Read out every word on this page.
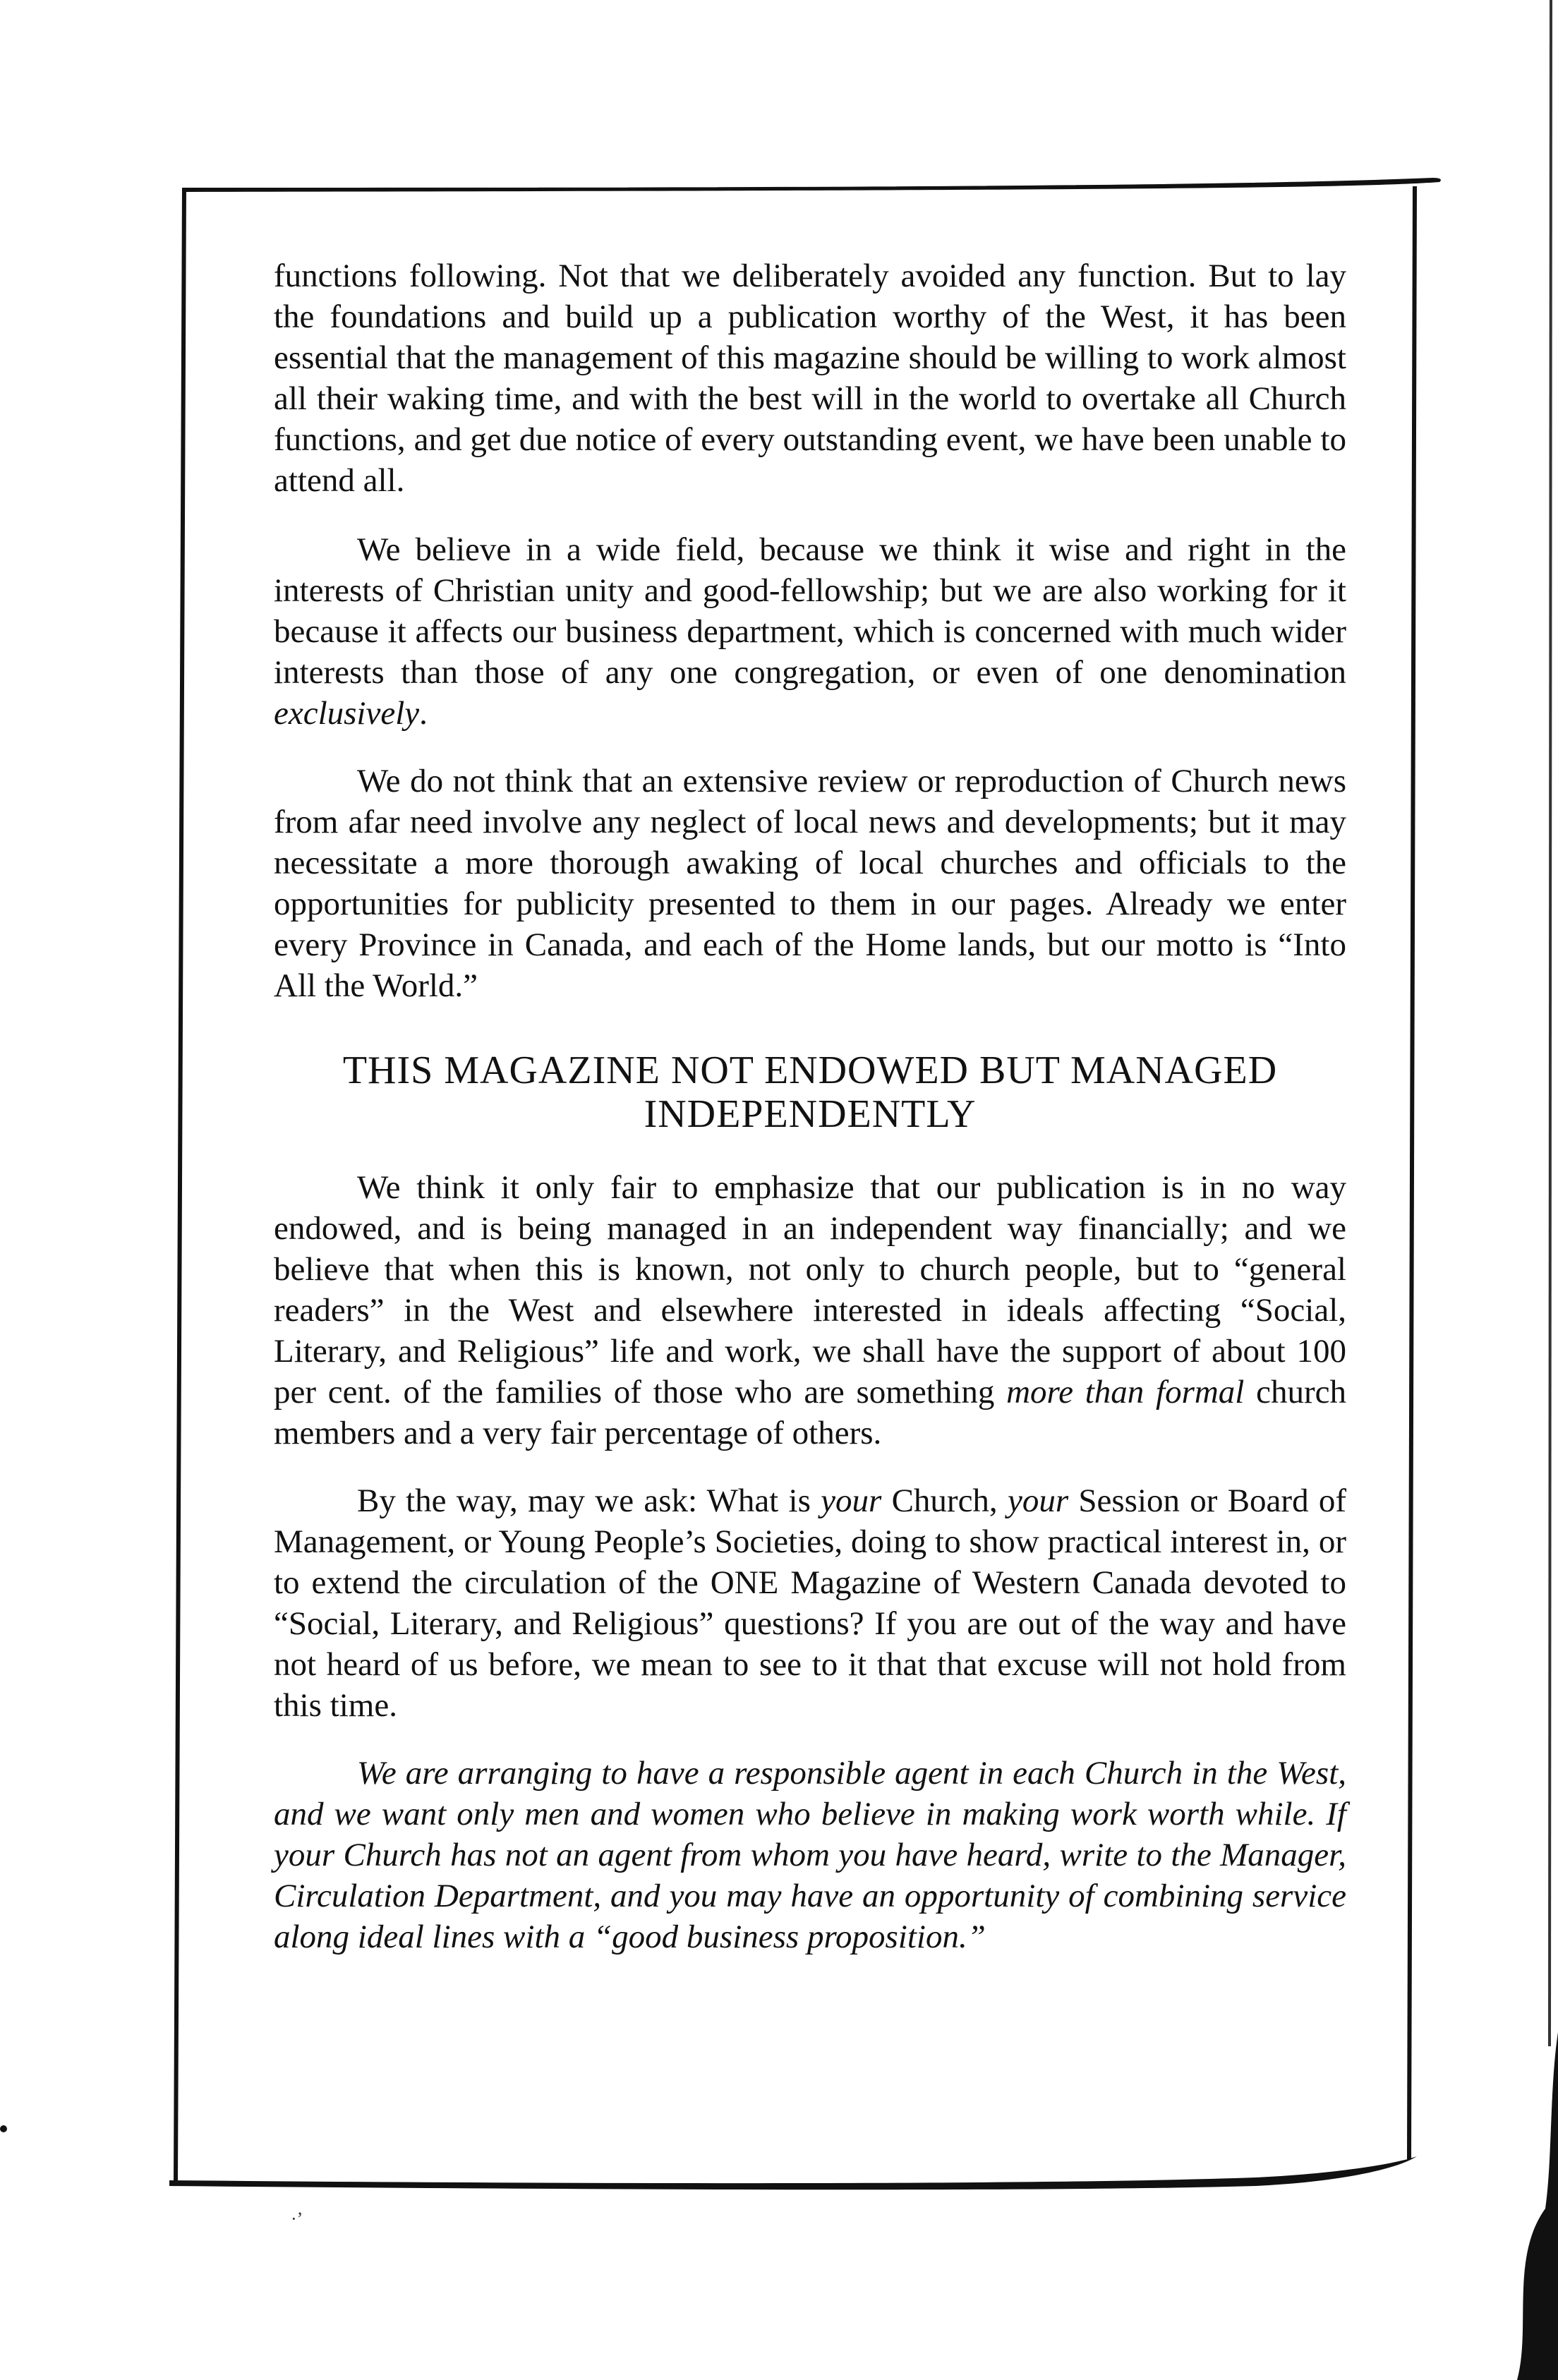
functions following. Not that we deliberately avoided any function. But to lay the foundations and build up a publication worthy of the West, it has been essential that the management of this magazine should be willing to work almost all their waking time, and with the best will in the world to overtake all Church functions, and get due notice of every outstanding event, we have been unable to attend all.

We believe in a wide field, because we think it wise and right in the interests of Christian unity and good-fellowship; but we are also working for it because it affects our business department, which is concerned with much wider interests than those of any one congregation, or even of one denomination exclusively.

We do not think that an extensive review or reproduction of Church news from afar need involve any neglect of local news and developments; but it may necessitate a more thorough awaking of local churches and officials to the opportunities for publicity presented to them in our pages. Already we enter every Province in Canada, and each of the Home lands, but our motto is “Into All the World.”

THIS MAGAZINE NOT ENDOWED BUT MANAGED
INDEPENDENTLY

We think it only fair to emphasize that our publication is in no way endowed, and is being managed in an independent way financially; and we believe that when this is known, not only to church people, but to “general readers” in the West and elsewhere interested in ideals affecting “Social, Literary, and Religious” life and work, we shall have the support of about 100 per cent. of the families of those who are something more than formal church members and a very fair percentage of others.

By the way, may we ask: What is your Church, your Session or Board of Management, or Young People’s Societies, doing to show practical interest in, or to extend the circulation of the ONE Magazine of Western Canada devoted to “Social, Literary, and Religious” questions? If you are out of the way and have not heard of us before, we mean to see to it that that excuse will not hold from this time.

We are arranging to have a responsible agent in each Church in the West, and we want only men and women who believe in making work worth while. If your Church has not an agent from whom you have heard, write to the Manager, Circulation Department, and you may have an opportunity of combining service along ideal lines with a “good business proposition.”

·’
